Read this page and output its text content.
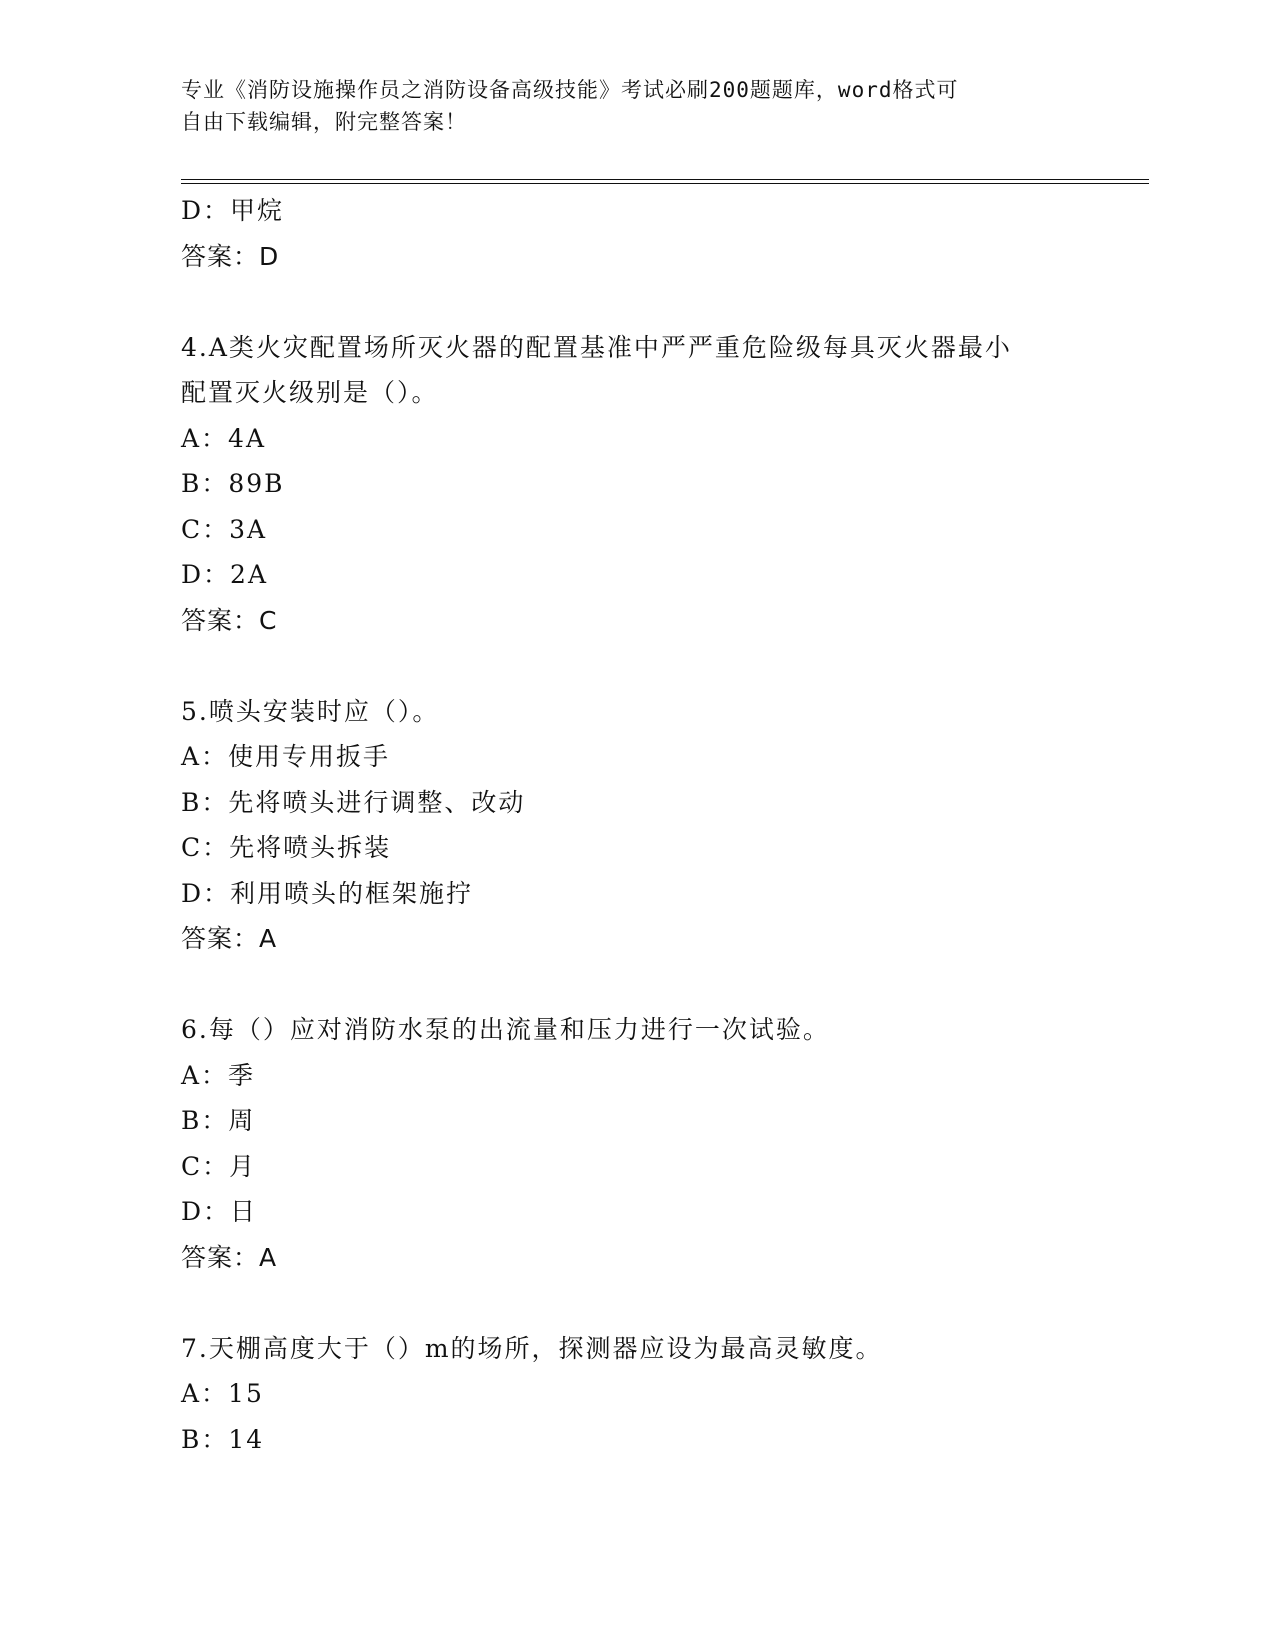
专业《消防设施操作员之消防设备高级技能》考试必刷200题题库，word格式可
自由下载编辑，附完整答案！
D：甲烷
答案：D
4.A类火灾配置场所灭火器的配置基准中严严重危险级每具灭火器最小
配置灭火级别是（）。
A：4A
B：89B
C：3A
D：2A
答案：C
5.喷头安装时应（）。
A：使用专用扳手
B：先将喷头进行调整、改动
C：先将喷头拆装
D：利用喷头的框架施拧
答案：A
6.每（）应对消防水泵的出流量和压力进行一次试验。
A：季
B：周
C：月
D：日
答案：A
7.天棚高度大于（）m的场所，探测器应设为最高灵敏度。
A：15
B：14
